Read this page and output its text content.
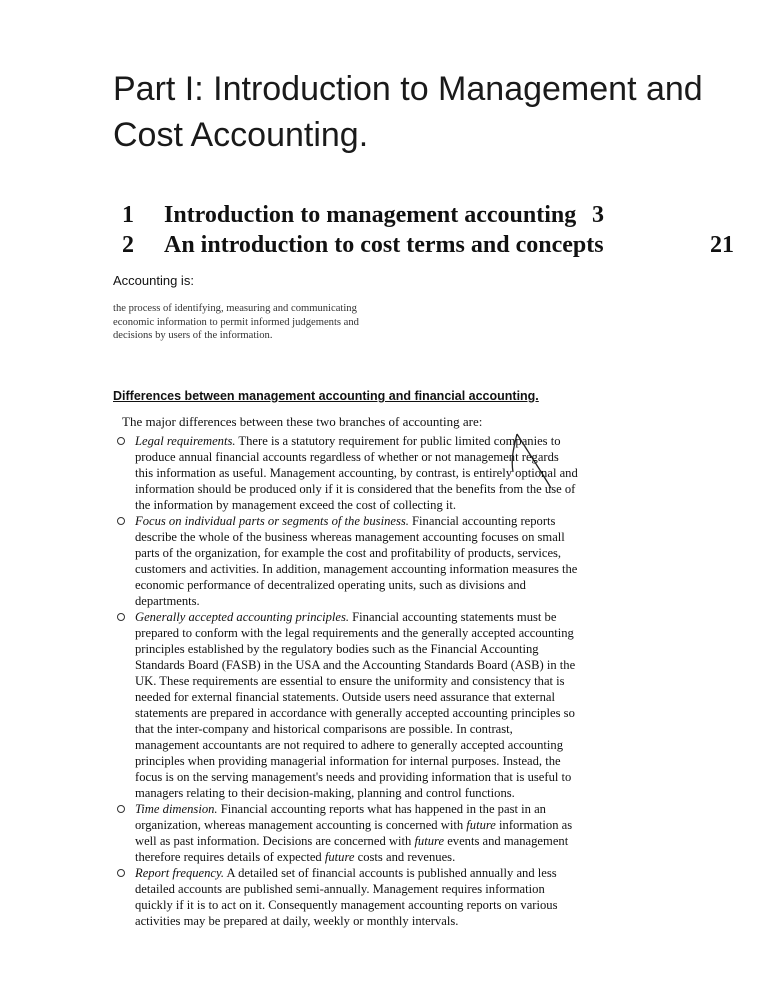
Part I: Introduction to Management and
Cost Accounting.
1 Introduction to management accounting 3
2 An introduction to cost terms and concepts	21
Accounting is:
the process of identifying, measuring and communicating
economic information to permit informed judgements and
decisions by users of the information.
Differences between management accounting and financial accounting.
The major differences between these two branches of accounting are:
Legal requirements. There is a statutory requirement for public limited companies to
produce annual financial accounts regardless of whether or not management regards
this information as useful. Management accounting, by contrast, is entirely optional and
information should be produced only if it is considered that the benefits from the use of
the information by management exceed the cost of collecting it.
Focus on individual parts or segments of the business. Financial accounting reports
describe the whole of the business whereas management accounting focuses on small
parts of the organization, for example the cost and profitability of products, services,
customers and activities. In addition, management accounting information measures the
economic performance of decentralized operating units, such as divisions and
departments.
Generally accepted accounting principles. Financial accounting statements must be
prepared to conform with the legal requirements and the generally accepted accounting
principles established by the regulatory bodies such as the Financial Accounting
Standards Board (FASB) in the USA and the Accounting Standards Board (ASB) in the
UK. These requirements are essential to ensure the uniformity and consistency that is
needed for external financial statements. Outside users need assurance that external
statements are prepared in accordance with generally accepted accounting principles so
that the inter-company and historical comparisons are possible. In contrast,
management accountants are not required to adhere to generally accepted accounting
principles when providing managerial information for internal purposes. Instead, the
focus is on the serving management's needs and providing information that is useful to
managers relating to their decision-making, planning and control functions.
Time dimension. Financial accounting reports what has happened in the past in an
organization, whereas management accounting is concerned with future information as
well as past information. Decisions are concerned with future events and management
therefore requires details of expected future costs and revenues.
Report frequency. A detailed set of financial accounts is published annually and less
detailed accounts are published semi-annually. Management requires information
quickly if it is to act on it. Consequently management accounting reports on various
activities may be prepared at daily, weekly or monthly intervals.
